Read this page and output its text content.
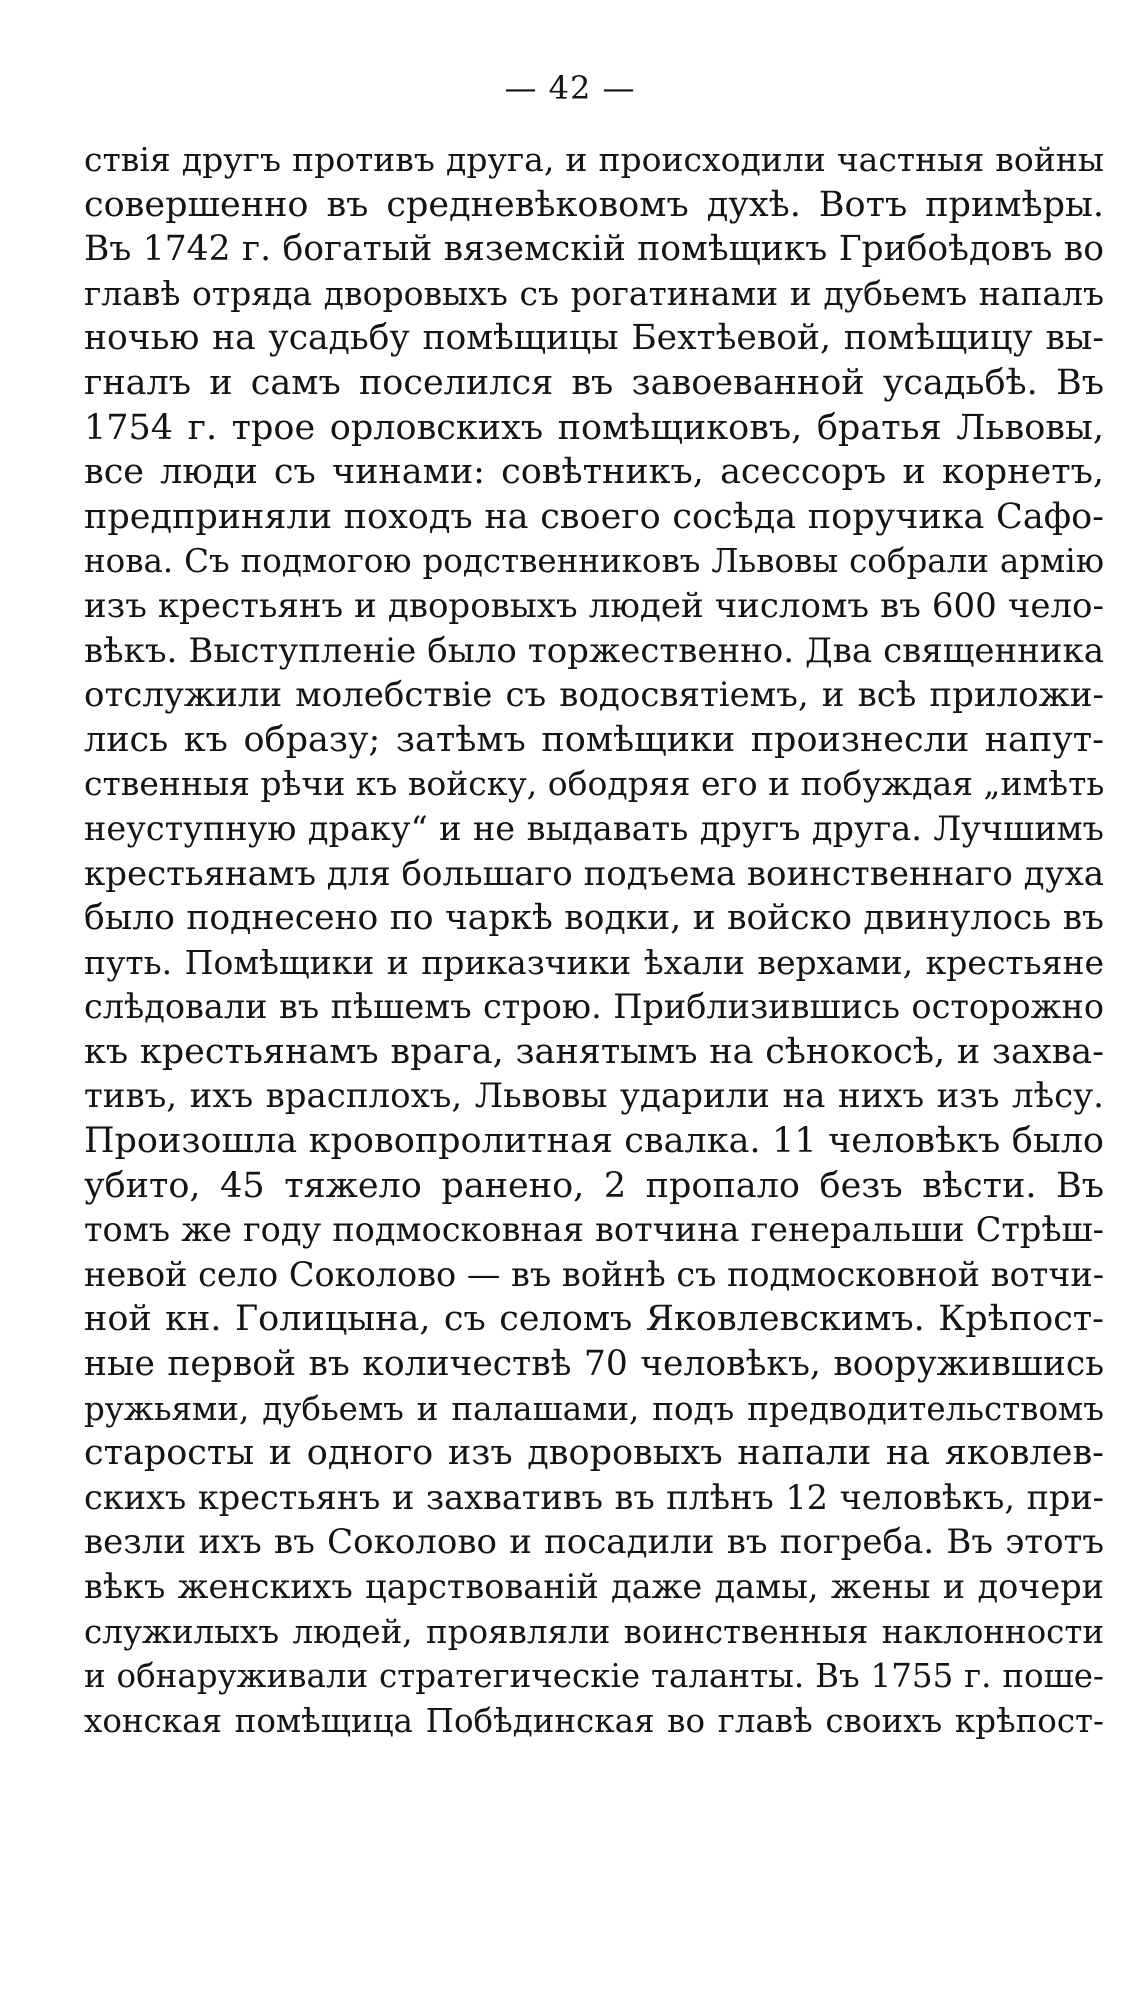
— 42 —
ствія другъ противъ друга, и происходили частныя войны
совершенно въ средневѣковомъ духѣ. Вотъ примѣры.
Въ 1742 г. богатый вяземскій помѣщикъ Грибоѣдовъ во
главѣ отряда дворовыхъ съ рогатинами и дубьемъ напалъ
ночью на усадьбу помѣщицы Бехтѣевой, помѣщицу вы-
гналъ и самъ поселился въ завоеванной усадьбѣ. Въ
1754 г. трое орловскихъ помѣщиковъ, братья Львовы,
все люди съ чинами: совѣтникъ, асессоръ и корнетъ,
предприняли походъ на своего сосѣда поручика Сафо-
нова. Съ подмогою родственниковъ Львовы собрали армію
изъ крестьянъ и дворовыхъ людей числомъ въ 600 чело-
вѣкъ. Выступленіе было торжественно. Два священника
отслужили молебствіе съ водосвятіемъ, и всѣ приложи-
лись къ образу; затѣмъ помѣщики произнесли напут-
ственныя рѣчи къ войску, ободряя его и побуждая „имѣть
неуступную драку“ и не выдавать другъ друга. Лучшимъ
крестьянамъ для большаго подъема воинственнаго духа
было поднесено по чаркѣ водки, и войско двинулось въ
путь. Помѣщики и приказчики ѣхали верхами, крестьяне
слѣдовали въ пѣшемъ строю. Приблизившись осторожно
къ крестьянамъ врага, занятымъ на сѣнокосѣ, и захва-
тивъ, ихъ врасплохъ, Львовы ударили на нихъ изъ лѣсу.
Произошла кровопролитная свалка. 11 человѣкъ было
убито, 45 тяжело ранено, 2 пропало безъ вѣсти. Въ
томъ же году подмосковная вотчина генеральши Стрѣш-
невой село Соколово — въ войнѣ съ подмосковной вотчи-
ной кн. Голицына, съ селомъ Яковлевскимъ. Крѣпост-
ные первой въ количествѣ 70 человѣкъ, вооружившись
ружьями, дубьемъ и палашами, подъ предводительствомъ
старосты и одного изъ дворовыхъ напали на яковлев-
скихъ крестьянъ и захвативъ въ плѣнъ 12 человѣкъ, при-
везли ихъ въ Соколово и посадили въ погреба. Въ этотъ
вѣкъ женскихъ царствованій даже дамы, жены и дочери
служилыхъ людей, проявляли воинственныя наклонности
и обнаруживали стратегическіе таланты. Въ 1755 г. поше-
хонская помѣщица Побѣдинская во главѣ своихъ крѣпост-
